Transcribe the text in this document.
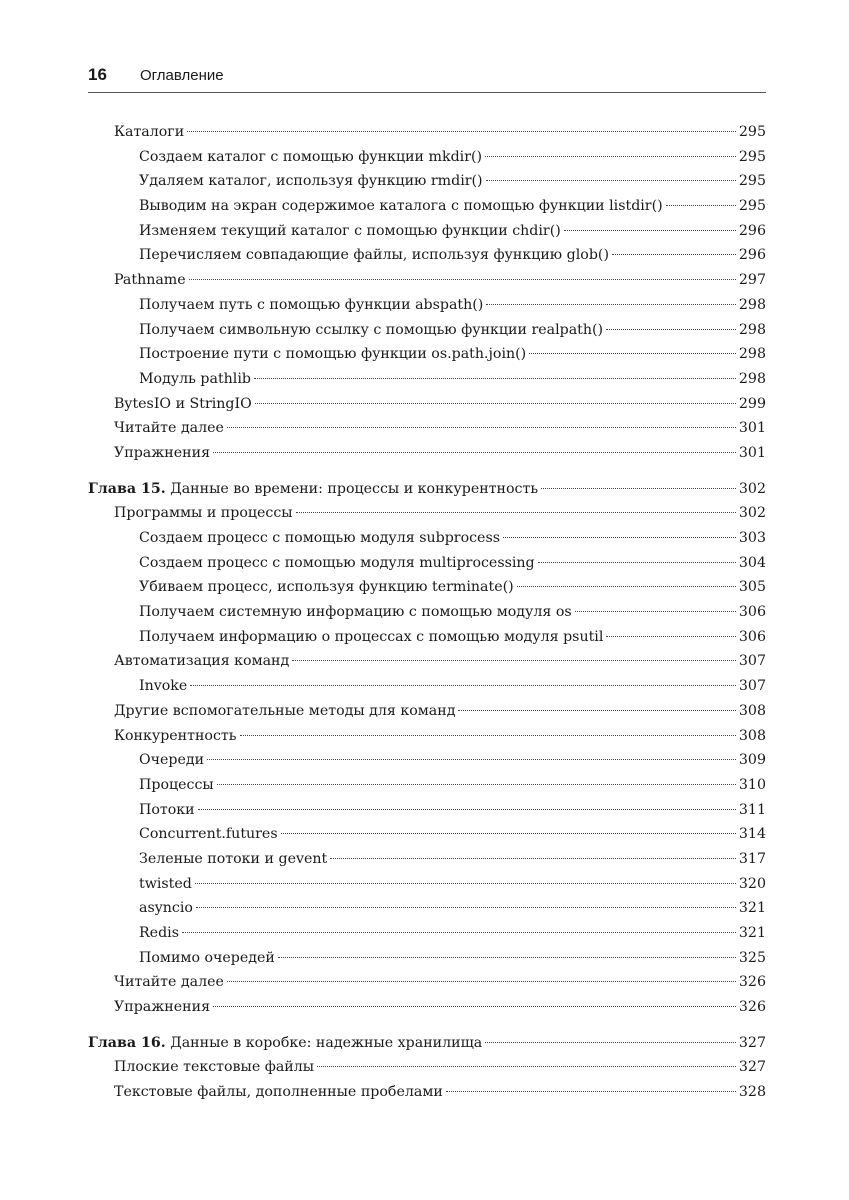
16 Оглавление
Каталоги	295
Создаем каталог с помощью функции mkdir()	295
Удаляем каталог, используя функцию rmdir()	295
Выводим на экран содержимое каталога с помощью функции listdir()	295
Изменяем текущий каталог с помощью функции chdir()	296
Перечисляем совпадающие файлы, используя функцию glob()	296
Pathname	297
Получаем путь с помощью функции abspath()	298
Получаем символьную ссылку с помощью функции realpath()	298
Построение пути с помощью функции os.path.join()	298
Модуль pathlib	298
BytesIO и StringIO	299
Читайте далее	301
Упражнения	301
Глава 15. Данные во времени: процессы и конкурентность	302
Программы и процессы	302
Создаем процесс с помощью модуля subprocess	303
Создаем процесс с помощью модуля multiprocessing	304
Убиваем процесс, используя функцию terminate()	305
Получаем системную информацию с помощью модуля os	306
Получаем информацию о процессах с помощью модуля psutil	306
Автоматизация команд	307
Invoke	307
Другие вспомогательные методы для команд	308
Конкурентность	308
Очереди	309
Процессы	310
Потоки	311
Concurrent.futures	314
Зеленые потоки и gevent	317
twisted	320
asyncio	321
Redis	321
Помимо очередей	325
Читайте далее	326
Упражнения	326
Глава 16. Данные в коробке: надежные хранилища	327
Плоские текстовые файлы	327
Текстовые файлы, дополненные пробелами	328
